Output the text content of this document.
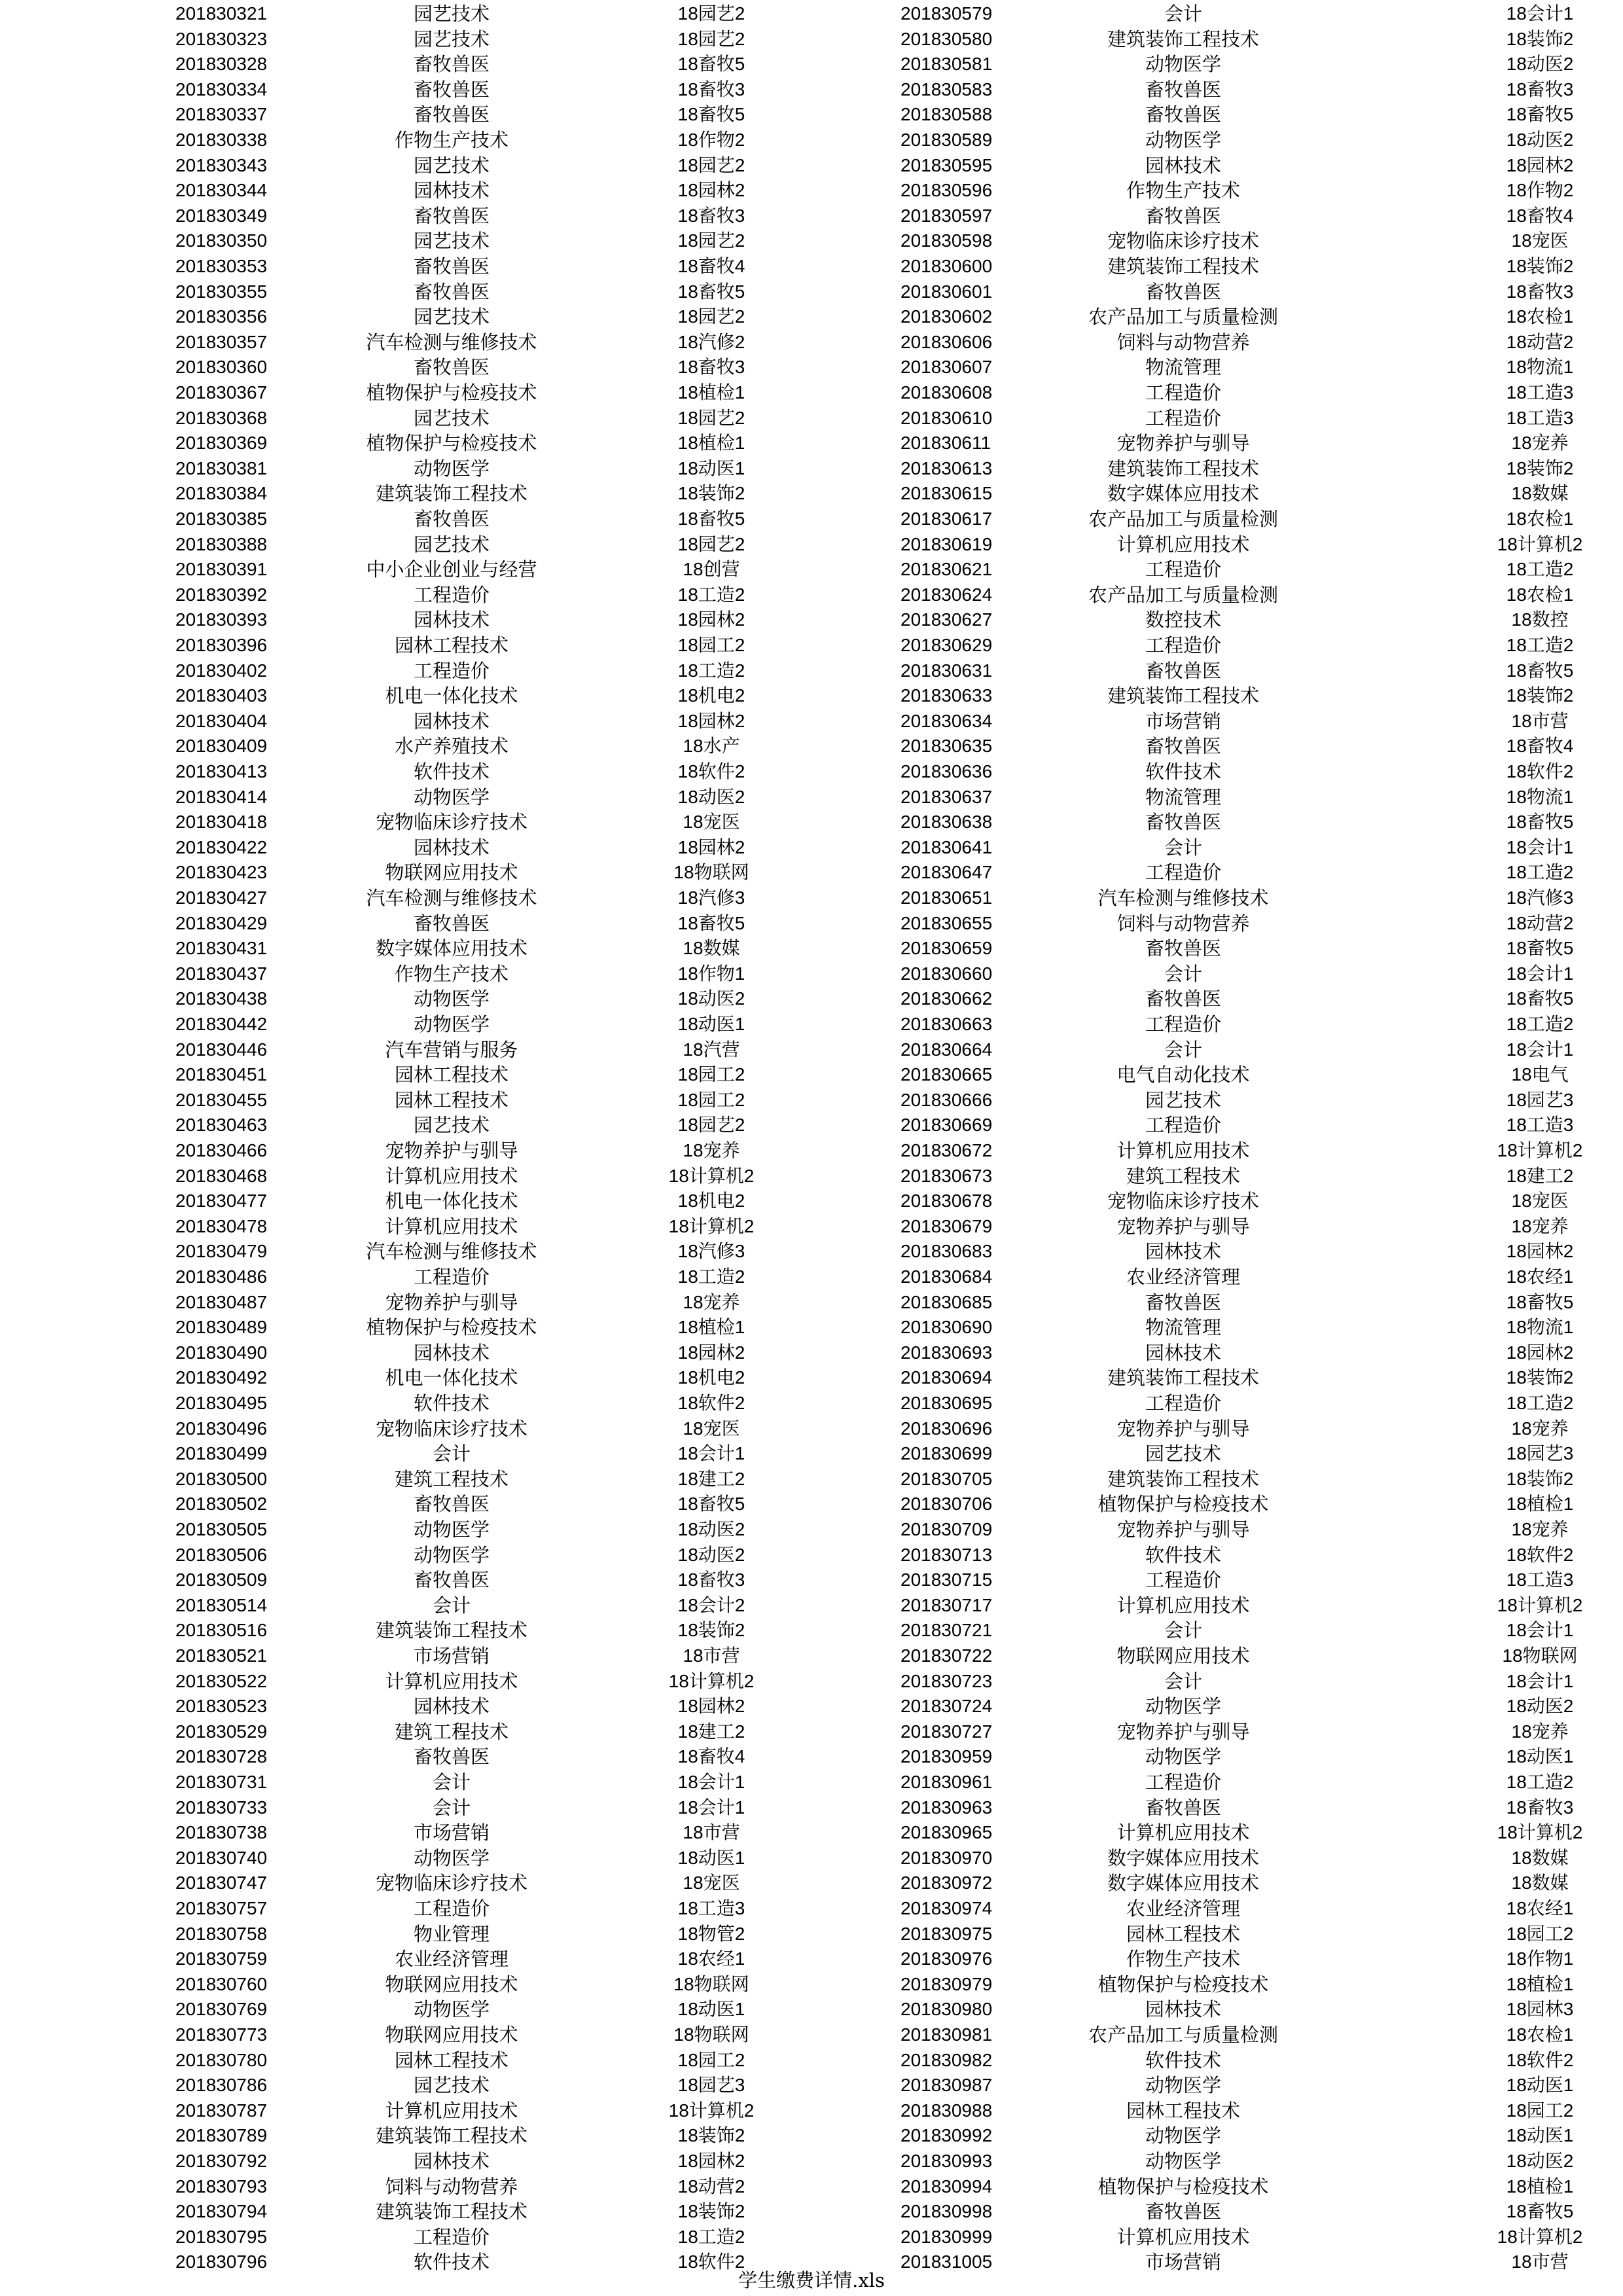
201830321	园艺技术	18园艺2
201830323	园艺技术	18园艺2
201830328	畜牧兽医	18畜牧5
201830334	畜牧兽医	18畜牧3
201830337	畜牧兽医	18畜牧5
201830338	作物生产技术	18作物2
201830343	园艺技术	18园艺2
201830344	园林技术	18园林2
201830349	畜牧兽医	18畜牧3
201830350	园艺技术	18园艺2
201830353	畜牧兽医	18畜牧4
201830355	畜牧兽医	18畜牧5
201830356	园艺技术	18园艺2
201830357	汽车检测与维修技术	18汽修2
201830360	畜牧兽医	18畜牧3
201830367	植物保护与检疫技术	18植检1
201830368	园艺技术	18园艺2
201830369	植物保护与检疫技术	18植检1
201830381	动物医学	18动医1
201830384	建筑装饰工程技术	18装饰2
201830385	畜牧兽医	18畜牧5
201830388	园艺技术	18园艺2
201830391	中小企业创业与经营	18创营
201830392	工程造价	18工造2
201830393	园林技术	18园林2
201830396	园林工程技术	18园工2
201830402	工程造价	18工造2
201830403	机电一体化技术	18机电2
201830404	园林技术	18园林2
201830409	水产养殖技术	18水产
201830413	软件技术	18软件2
201830414	动物医学	18动医2
201830418	宠物临床诊疗技术	18宠医
201830422	园林技术	18园林2
201830423	物联网应用技术	18物联网
201830427	汽车检测与维修技术	18汽修3
201830429	畜牧兽医	18畜牧5
201830431	数字媒体应用技术	18数媒
201830437	作物生产技术	18作物1
201830438	动物医学	18动医2
201830442	动物医学	18动医1
201830446	汽车营销与服务	18汽营
201830451	园林工程技术	18园工2
201830455	园林工程技术	18园工2
201830463	园艺技术	18园艺2
201830466	宠物养护与驯导	18宠养
201830468	计算机应用技术	18计算机2
201830477	机电一体化技术	18机电2
201830478	计算机应用技术	18计算机2
201830479	汽车检测与维修技术	18汽修3
201830486	工程造价	18工造2
201830487	宠物养护与驯导	18宠养
201830489	植物保护与检疫技术	18植检1
201830490	园林技术	18园林2
201830492	机电一体化技术	18机电2
201830495	软件技术	18软件2
201830496	宠物临床诊疗技术	18宠医
201830499	会计	18会计1
201830500	建筑工程技术	18建工2
201830502	畜牧兽医	18畜牧5
201830505	动物医学	18动医2
201830506	动物医学	18动医2
201830509	畜牧兽医	18畜牧3
201830514	会计	18会计2
201830516	建筑装饰工程技术	18装饰2
201830521	市场营销	18市营
201830522	计算机应用技术	18计算机2
201830523	园林技术	18园林2
201830529	建筑工程技术	18建工2
201830728	畜牧兽医	18畜牧4
201830731	会计	18会计1
201830733	会计	18会计1
201830738	市场营销	18市营
201830740	动物医学	18动医1
201830747	宠物临床诊疗技术	18宠医
201830757	工程造价	18工造3
201830758	物业管理	18物管2
201830759	农业经济管理	18农经1
201830760	物联网应用技术	18物联网
201830769	动物医学	18动医1
201830773	物联网应用技术	18物联网
201830780	园林工程技术	18园工2
201830786	园艺技术	18园艺3
201830787	计算机应用技术	18计算机2
201830789	建筑装饰工程技术	18装饰2
201830792	园林技术	18园林2
201830793	饲料与动物营养	18动营2
201830794	建筑装饰工程技术	18装饰2
201830795	工程造价	18工造2
201830796	软件技术	18软件2
201830579	会计	18会计1
201830580	建筑装饰工程技术	18装饰2
201830581	动物医学	18动医2
201830583	畜牧兽医	18畜牧3
201830588	畜牧兽医	18畜牧5
201830589	动物医学	18动医2
201830595	园林技术	18园林2
201830596	作物生产技术	18作物2
201830597	畜牧兽医	18畜牧4
201830598	宠物临床诊疗技术	18宠医
201830600	建筑装饰工程技术	18装饰2
201830601	畜牧兽医	18畜牧3
201830602	农产品加工与质量检测	18农检1
201830606	饲料与动物营养	18动营2
201830607	物流管理	18物流1
201830608	工程造价	18工造3
201830610	工程造价	18工造3
201830611	宠物养护与驯导	18宠养
201830613	建筑装饰工程技术	18装饰2
201830615	数字媒体应用技术	18数媒
201830617	农产品加工与质量检测	18农检1
201830619	计算机应用技术	18计算机2
201830621	工程造价	18工造2
201830624	农产品加工与质量检测	18农检1
201830627	数控技术	18数控
201830629	工程造价	18工造2
201830631	畜牧兽医	18畜牧5
201830633	建筑装饰工程技术	18装饰2
201830634	市场营销	18市营
201830635	畜牧兽医	18畜牧4
201830636	软件技术	18软件2
201830637	物流管理	18物流1
201830638	畜牧兽医	18畜牧5
201830641	会计	18会计1
201830647	工程造价	18工造2
201830651	汽车检测与维修技术	18汽修3
201830655	饲料与动物营养	18动营2
201830659	畜牧兽医	18畜牧5
201830660	会计	18会计1
201830662	畜牧兽医	18畜牧5
201830663	工程造价	18工造2
201830664	会计	18会计1
201830665	电气自动化技术	18电气
201830666	园艺技术	18园艺3
201830669	工程造价	18工造3
201830672	计算机应用技术	18计算机2
201830673	建筑工程技术	18建工2
201830678	宠物临床诊疗技术	18宠医
201830679	宠物养护与驯导	18宠养
201830683	园林技术	18园林2
201830684	农业经济管理	18农经1
201830685	畜牧兽医	18畜牧5
201830690	物流管理	18物流1
201830693	园林技术	18园林2
201830694	建筑装饰工程技术	18装饰2
201830695	工程造价	18工造2
201830696	宠物养护与驯导	18宠养
201830699	园艺技术	18园艺3
201830705	建筑装饰工程技术	18装饰2
201830706	植物保护与检疫技术	18植检1
201830709	宠物养护与驯导	18宠养
201830713	软件技术	18软件2
201830715	工程造价	18工造3
201830717	计算机应用技术	18计算机2
201830721	会计	18会计1
201830722	物联网应用技术	18物联网
201830723	会计	18会计1
201830724	动物医学	18动医2
201830727	宠物养护与驯导	18宠养
201830959	动物医学	18动医1
201830961	工程造价	18工造2
201830963	畜牧兽医	18畜牧3
201830965	计算机应用技术	18计算机2
201830970	数字媒体应用技术	18数媒
201830972	数字媒体应用技术	18数媒
201830974	农业经济管理	18农经1
201830975	园林工程技术	18园工2
201830976	作物生产技术	18作物1
201830979	植物保护与检疫技术	18植检1
201830980	园林技术	18园林3
201830981	农产品加工与质量检测	18农检1
201830982	软件技术	18软件2
201830987	动物医学	18动医1
201830988	园林工程技术	18园工2
201830992	动物医学	18动医1
201830993	动物医学	18动医2
201830994	植物保护与检疫技术	18植检1
201830998	畜牧兽医	18畜牧5
201830999	计算机应用技术	18计算机2
201831005	市场营销	18市营
学生缴费详情.xls
